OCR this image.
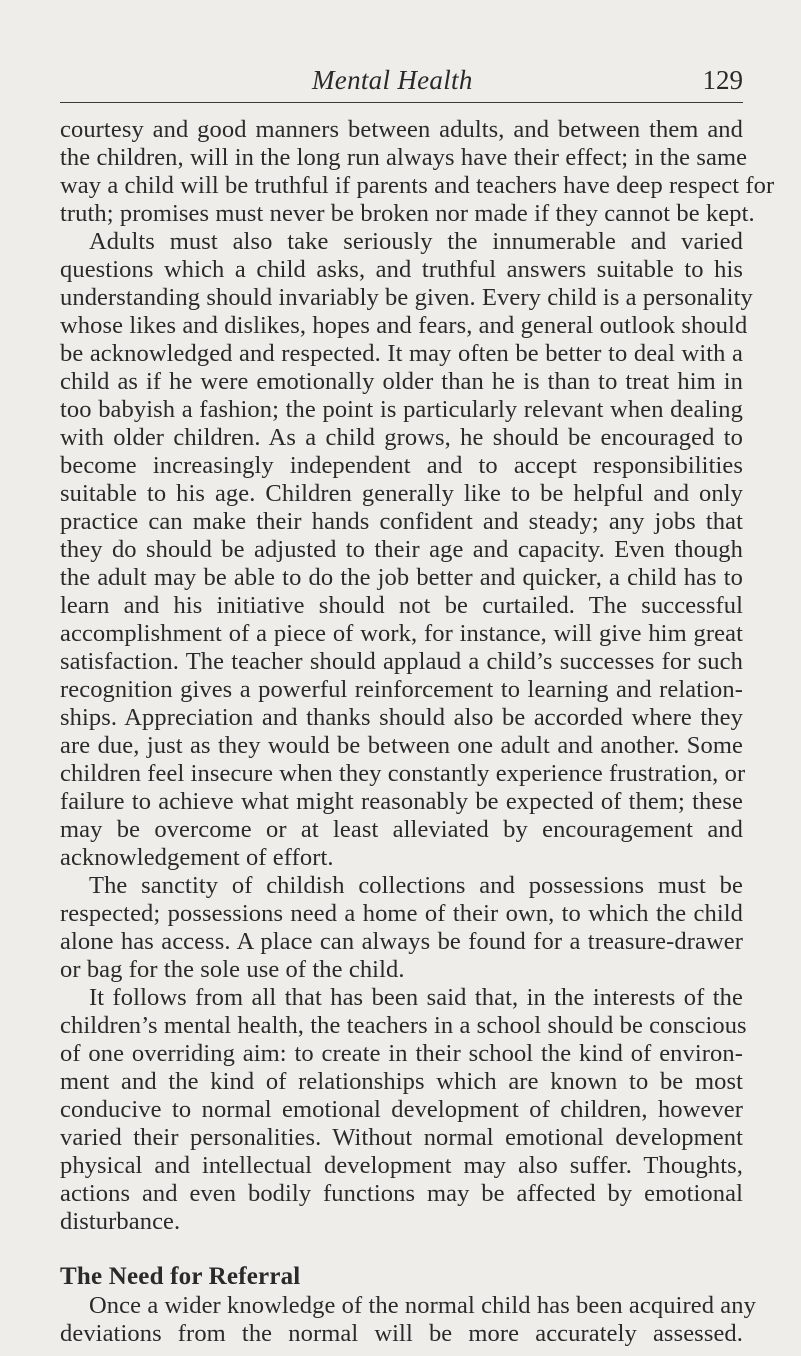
Mental Health	129
courtesy and good manners between adults, and between them and
the children, will in the long run always have their effect; in the same
way a child will be truthful if parents and teachers have deep respect for
truth; promises must never be broken nor made if they cannot be kept.
Adults must also take seriously the innumerable and varied
questions which a child asks, and truthful answers suitable to his
understanding should invariably be given. Every child is a personality
whose likes and dislikes, hopes and fears, and general outlook should
be acknowledged and respected. It may often be better to deal with a
child as if he were emotionally older than he is than to treat him in
too babyish a fashion; the point is particularly relevant when dealing
with older children. As a child grows, he should be encouraged to
become increasingly independent and to accept responsibilities
suitable to his age. Children generally like to be helpful and only
practice can make their hands confident and steady; any jobs that
they do should be adjusted to their age and capacity. Even though
the adult may be able to do the job better and quicker, a child has to
learn and his initiative should not be curtailed. The successful
accomplishment of a piece of work, for instance, will give him great
satisfaction. The teacher should applaud a child’s successes for such
recognition gives a powerful reinforcement to learning and relation-
ships. Appreciation and thanks should also be accorded where they
are due, just as they would be between one adult and another. Some
children feel insecure when they constantly experience frustration, or
failure to achieve what might reasonably be expected of them; these
may be overcome or at least alleviated by encouragement and
acknowledgement of effort.
The sanctity of childish collections and possessions must be
respected; possessions need a home of their own, to which the child
alone has access. A place can always be found for a treasure-drawer
or bag for the sole use of the child.
It follows from all that has been said that, in the interests of the
children’s mental health, the teachers in a school should be conscious
of one overriding aim: to create in their school the kind of environ-
ment and the kind of relationships which are known to be most
conducive to normal emotional development of children, however
varied their personalities. Without normal emotional development
physical and intellectual development may also suffer. Thoughts,
actions and even bodily functions may be affected by emotional
disturbance.
The Need for Referral
Once a wider knowledge of the normal child has been acquired any
deviations from the normal will be more accurately assessed.
